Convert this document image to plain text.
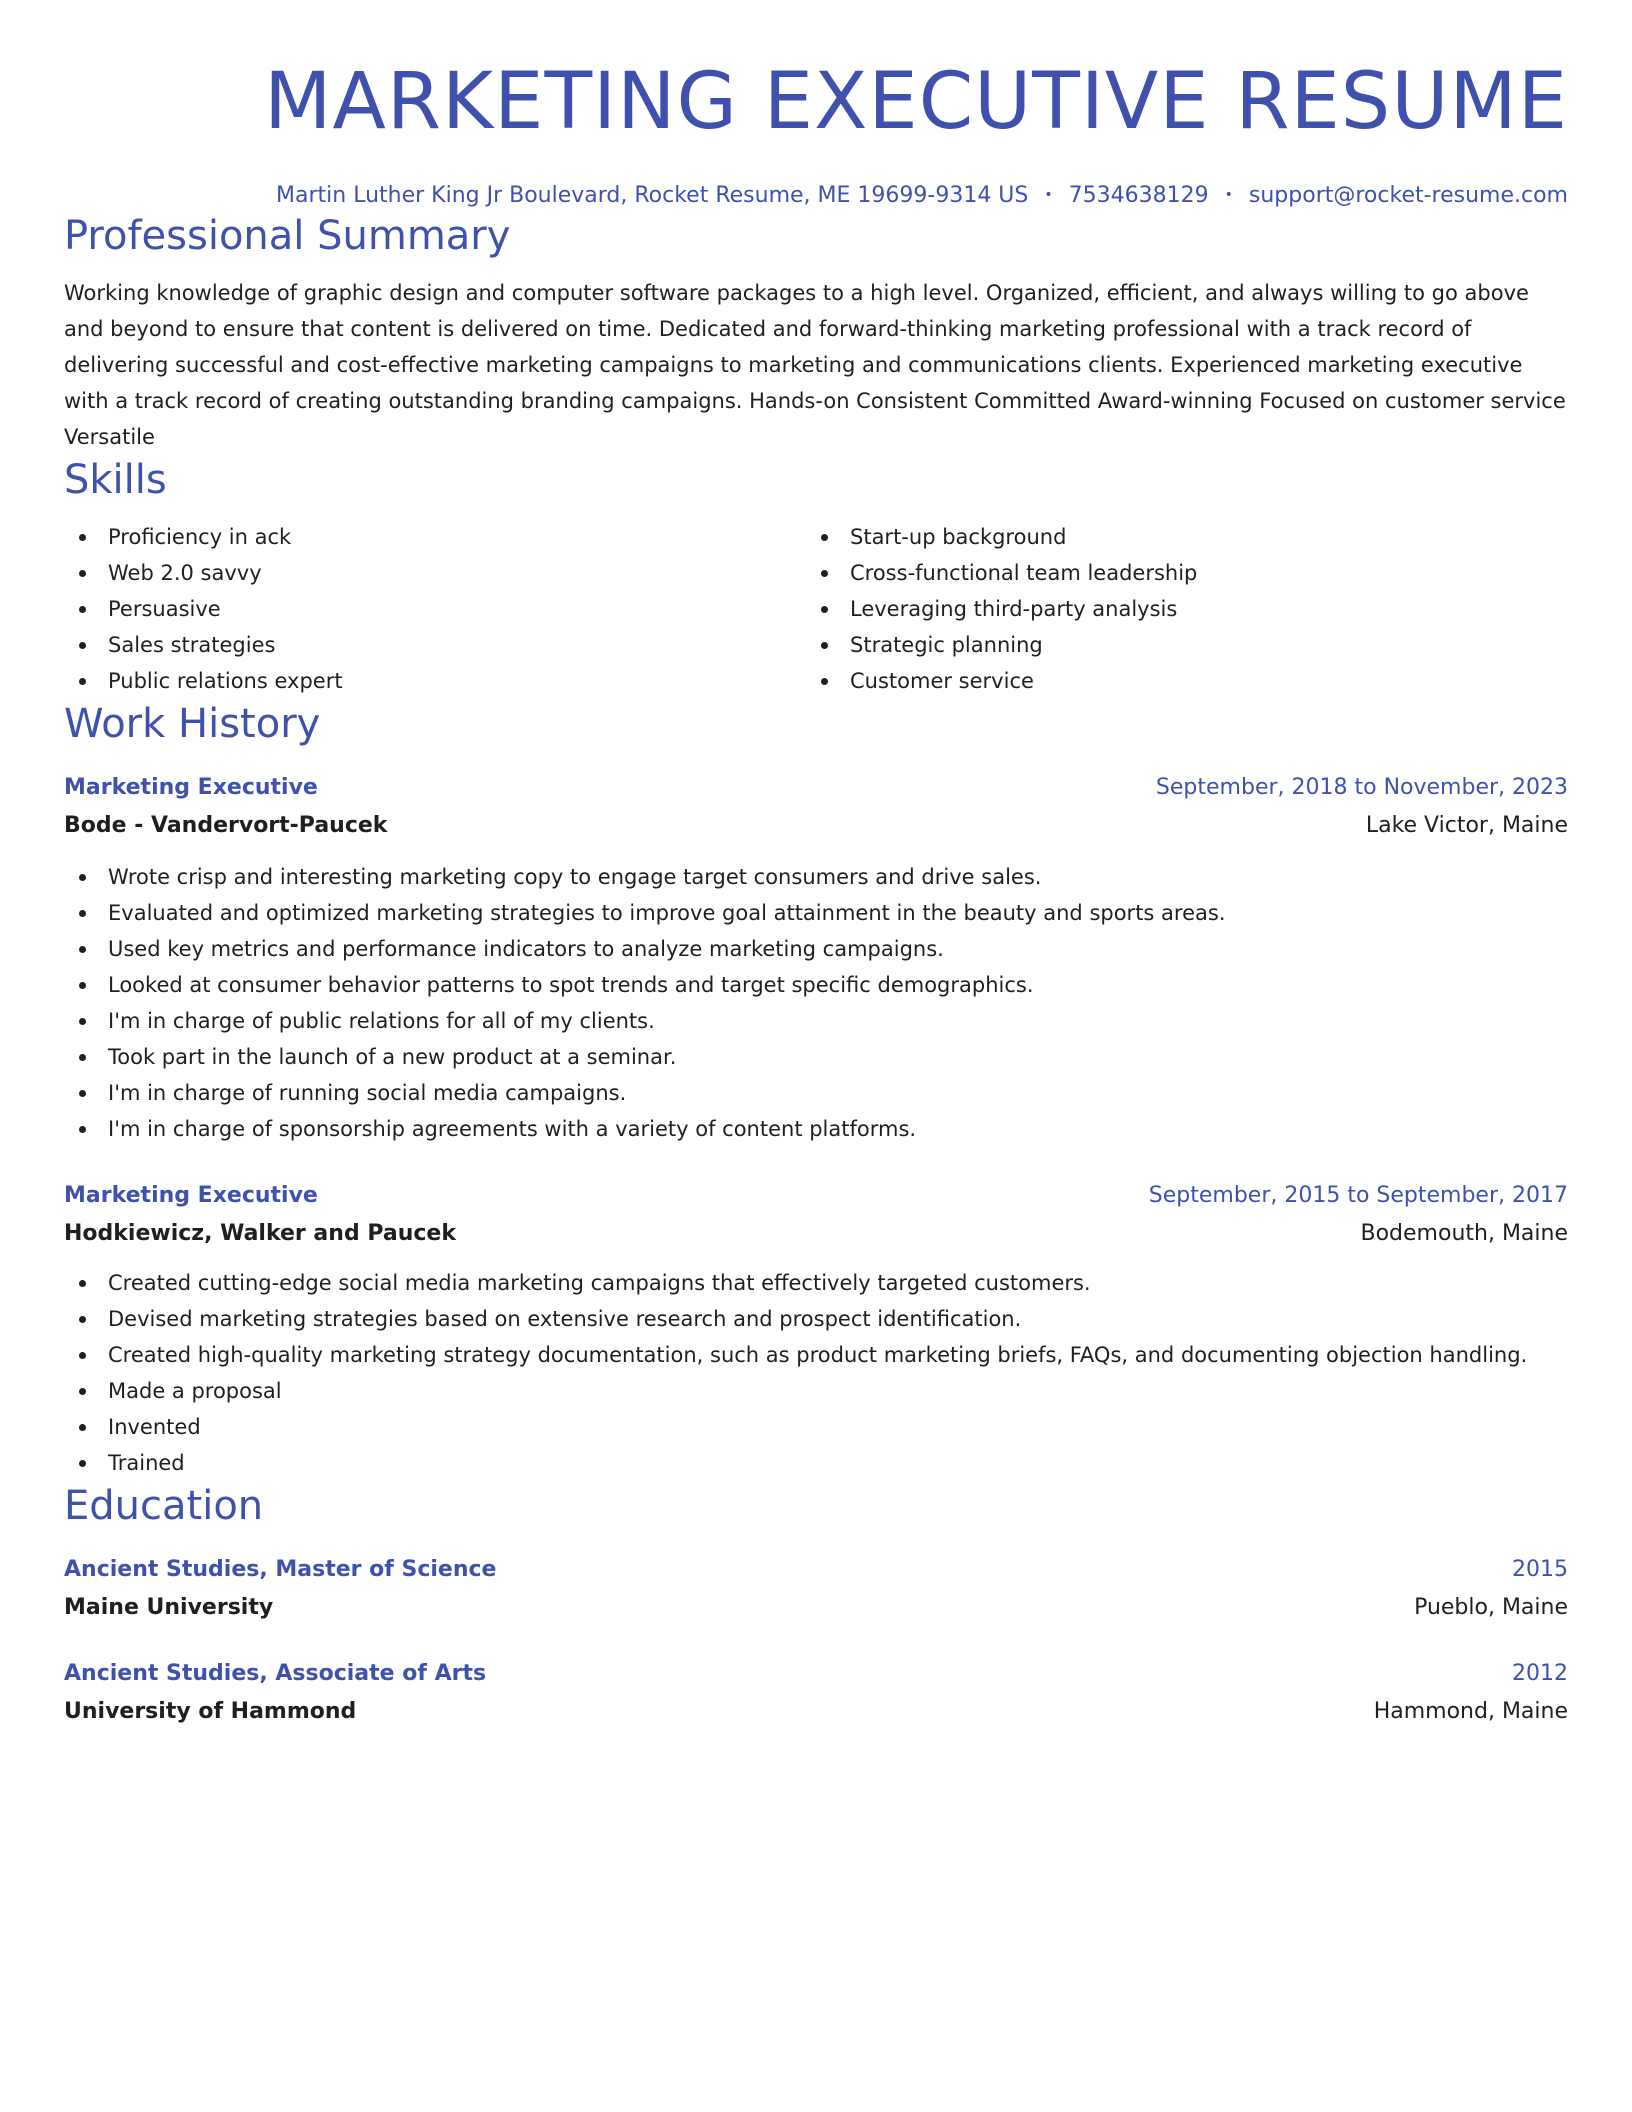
MARKETING EXECUTIVE RESUME
Martin Luther King Jr Boulevard, Rocket Resume, ME 19699-9314 US • 7534638129 • support@rocket-resume.com
Professional Summary
Working knowledge of graphic design and computer software packages to a high level. Organized, efficient, and always willing to go above and beyond to ensure that content is delivered on time. Dedicated and forward-thinking marketing professional with a track record of delivering successful and cost-effective marketing campaigns to marketing and communications clients. Experienced marketing executive with a track record of creating outstanding branding campaigns. Hands-on Consistent Committed Award-winning Focused on customer service Versatile
Skills
Proficiency in ack
Web 2.0 savvy
Persuasive
Sales strategies
Public relations expert
Start-up background
Cross-functional team leadership
Leveraging third-party analysis
Strategic planning
Customer service
Work History
Marketing Executive	September, 2018 to November, 2023
Bode - Vandervort-Paucek	Lake Victor, Maine
Wrote crisp and interesting marketing copy to engage target consumers and drive sales.
Evaluated and optimized marketing strategies to improve goal attainment in the beauty and sports areas.
Used key metrics and performance indicators to analyze marketing campaigns.
Looked at consumer behavior patterns to spot trends and target specific demographics.
I'm in charge of public relations for all of my clients.
Took part in the launch of a new product at a seminar.
I'm in charge of running social media campaigns.
I'm in charge of sponsorship agreements with a variety of content platforms.
Marketing Executive	September, 2015 to September, 2017
Hodkiewicz, Walker and Paucek	Bodemouth, Maine
Created cutting-edge social media marketing campaigns that effectively targeted customers.
Devised marketing strategies based on extensive research and prospect identification.
Created high-quality marketing strategy documentation, such as product marketing briefs, FAQs, and documenting objection handling.
Made a proposal
Invented
Trained
Education
Ancient Studies, Master of Science	2015
Maine University	Pueblo, Maine
Ancient Studies, Associate of Arts	2012
University of Hammond	Hammond, Maine
